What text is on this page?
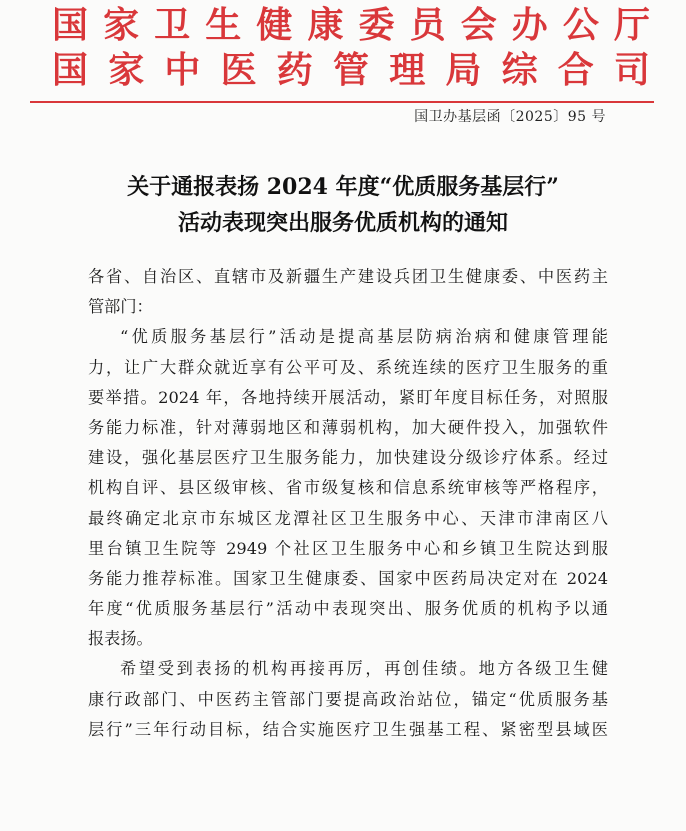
国家卫生健康委员会办公厅
国家中医药管理局综合司
国卫办基层函〔2025〕95 号
关于通报表扬 2024 年度“优质服务基层行”
活动表现突出服务优质机构的通知
各省、自治区、直辖市及新疆生产建设兵团卫生健康委、中医药主
管部门：
“优质服务基层行”活动是提高基层防病治病和健康管理能
力，让广大群众就近享有公平可及、系统连续的医疗卫生服务的重
要举措。2024 年，各地持续开展活动，紧盯年度目标任务，对照服
务能力标准，针对薄弱地区和薄弱机构，加大硬件投入，加强软件
建设，强化基层医疗卫生服务能力，加快建设分级诊疗体系。经过
机构自评、县区级审核、省市级复核和信息系统审核等严格程序，
最终确定北京市东城区龙潭社区卫生服务中心、天津市津南区八
里台镇卫生院等 2949 个社区卫生服务中心和乡镇卫生院达到服
务能力推荐标准。国家卫生健康委、国家中医药局决定对在 2024
年度“优质服务基层行”活动中表现突出、服务优质的机构予以通
报表扬。
希望受到表扬的机构再接再厉，再创佳绩。地方各级卫生健
康行政部门、中医药主管部门要提高政治站位，锚定“优质服务基
层行”三年行动目标，结合实施医疗卫生强基工程、紧密型县域医
